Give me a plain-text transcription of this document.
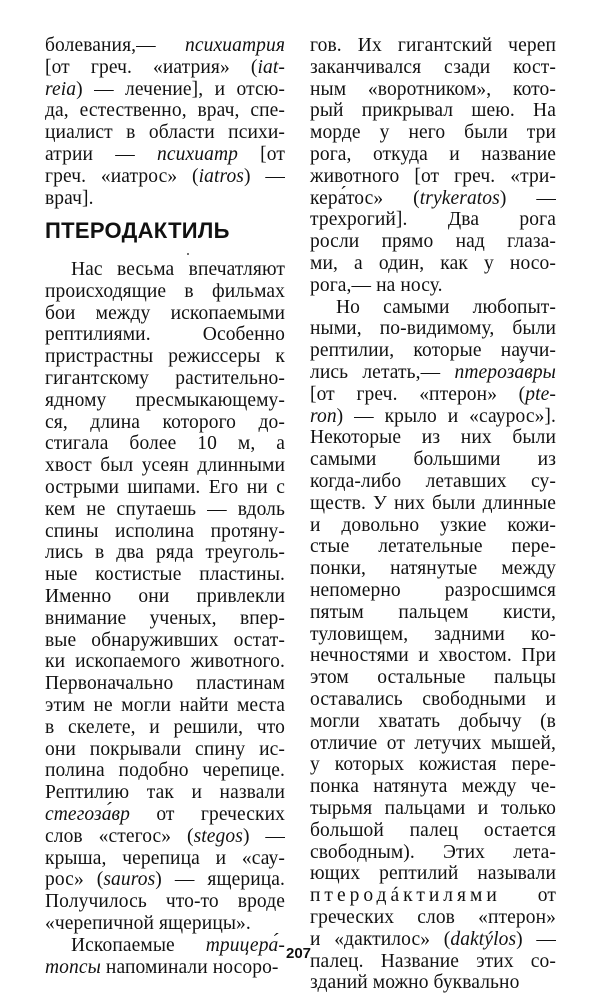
болевания,— психиатрия
[от греч. «иатрия» (iat-
reia) — лечение], и отсю-
да, естественно, врач, спе-
циалист в области психи-
атрии — психиатр [от
греч. «иатрос» (iatros) —
врач].
ПТЕРОДАКТИЛЬ
Нас весьма впечатляют
происходящие в фильмах
бои между ископаемыми
рептилиями. Особенно
пристрастны режиссеры к
гигантскому растительно-
ядному пресмыкающему-
ся, длина которого до-
стигала более 10 м, а
хвост был усеян длинными
острыми шипами. Его ни с
кем не спутаешь — вдоль
спины исполина протяну-
лись в два ряда треуголь-
ные костистые пластины.
Именно они привлекли
внимание ученых, впер-
вые обнаруживших остат-
ки ископаемого животного.
Первоначально пластинам
этим не могли найти места
в скелете, и решили, что
они покрывали спину ис-
полина подобно черепице.
Рептилию так и назвали
стегоза́вр от греческих
слов «стегос» (stegos) —
крыша, черепица и «сау-
рос» (sauros) — ящерица.
Получилось что-то вроде
«черепичной ящерицы».
Ископаемые трицера́-
топсы напоминали носоро-
гов. Их гигантский череп
заканчивался сзади кост-
ным «воротником», кото-
рый прикрывал шею. На
морде у него были три
рога, откуда и название
животного [от греч. «три-
кера́тос» (trykeratos) —
трехрогий]. Два рога
росли прямо над глаза-
ми, а один, как у носо-
рога,— на носу.
Но самыми любопыт-
ными, по-видимому, были
рептилии, которые научи-
лись летать,— птероза́вры
[от греч. «птерон» (pte-
ron) — крыло и «саурос»].
Некоторые из них были
самыми большими из
когда-либо летавших су-
ществ. У них были длинные
и довольно узкие кожи-
стые летательные пере-
понки, натянутые между
непомерно разросшимся
пятым пальцем кисти,
туловищем, задними ко-
нечностями и хвостом. При
этом остальные пальцы
оставались свободными и
могли хватать добычу (в
отличие от летучих мышей,
у которых кожистая пере-
понка натянута между че-
тырьмя пальцами и только
большой палец остается
свободным). Этих лета-
ющих рептилий называли
птеродáктилями от
греческих слов «птерон»
и «дактилос» (daktýlos) —
палец. Название этих со-
зданий можно буквально
207
